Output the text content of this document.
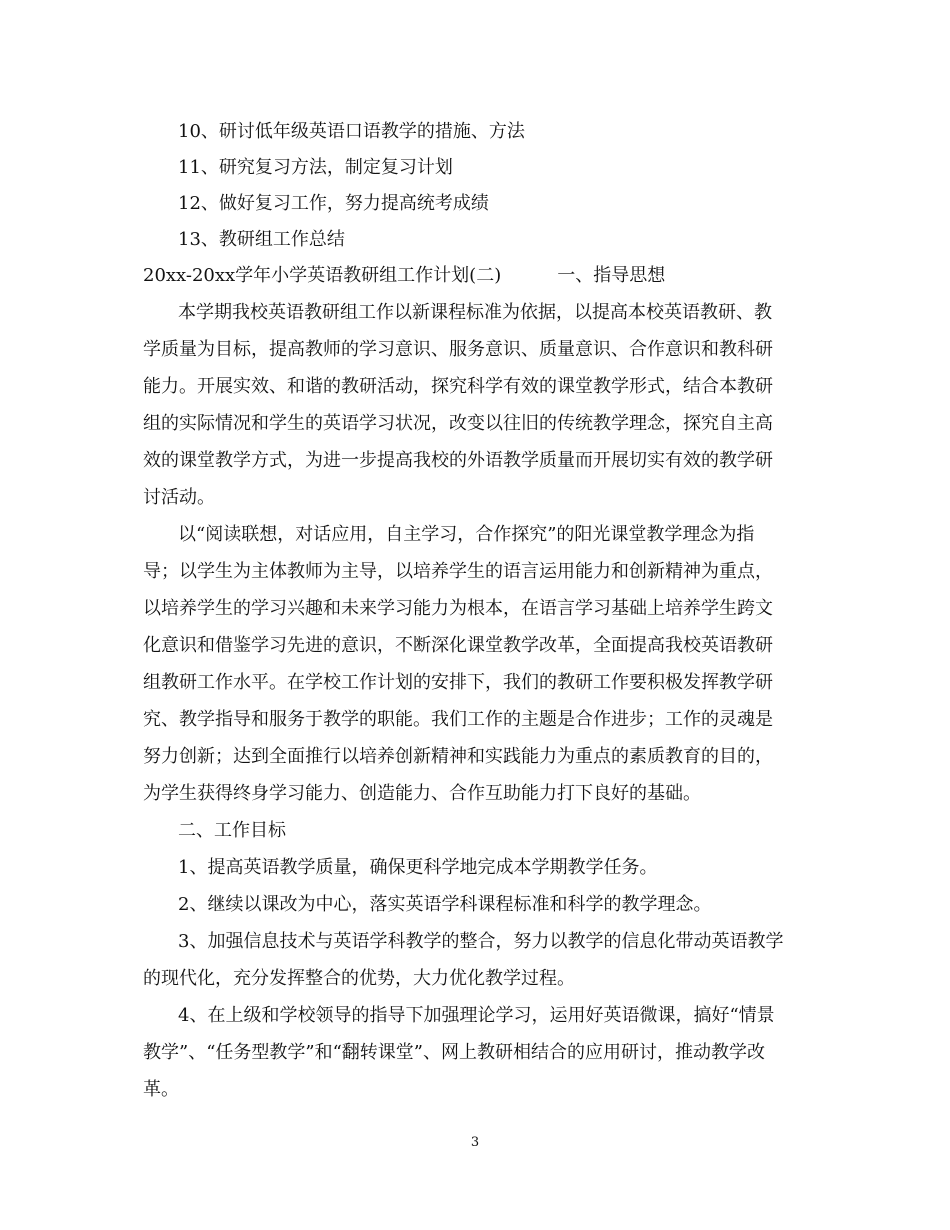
10、研讨低年级英语口语教学的措施、方法
11、研究复习方法，制定复习计划
12、做好复习工作，努力提高统考成绩
13、教研组工作总结
20xx-20xx学年小学英语教研组工作计划(二)	一、指导思想
本学期我校英语教研组工作以新课程标准为依据，以提高本校英语教研、教
学质量为目标，提高教师的学习意识、服务意识、质量意识、合作意识和教科研
能力。开展实效、和谐的教研活动，探究科学有效的课堂教学形式，结合本教研
组的实际情况和学生的英语学习状况，改变以往旧的传统教学理念，探究自主高
效的课堂教学方式，为进一步提高我校的外语教学质量而开展切实有效的教学研
讨活动。
以“阅读联想，对话应用，自主学习，合作探究”的阳光课堂教学理念为指
导；以学生为主体教师为主导，以培养学生的语言运用能力和创新精神为重点，
以培养学生的学习兴趣和未来学习能力为根本，在语言学习基础上培养学生跨文
化意识和借鉴学习先进的意识，不断深化课堂教学改革，全面提高我校英语教研
组教研工作水平。在学校工作计划的安排下，我们的教研工作要积极发挥教学研
究、教学指导和服务于教学的职能。我们工作的主题是合作进步；工作的灵魂是
努力创新；达到全面推行以培养创新精神和实践能力为重点的素质教育的目的，
为学生获得终身学习能力、创造能力、合作互助能力打下良好的基础。
二、工作目标
1、提高英语教学质量，确保更科学地完成本学期教学任务。
2、继续以课改为中心，落实英语学科课程标准和科学的教学理念。
3、加强信息技术与英语学科教学的整合，努力以教学的信息化带动英语教学
的现代化，充分发挥整合的优势，大力优化教学过程。
4、在上级和学校领导的指导下加强理论学习，运用好英语微课，搞好“情景
教学”、“任务型教学”和“翻转课堂”、网上教研相结合的应用研讨，推动教学改
革。
3
